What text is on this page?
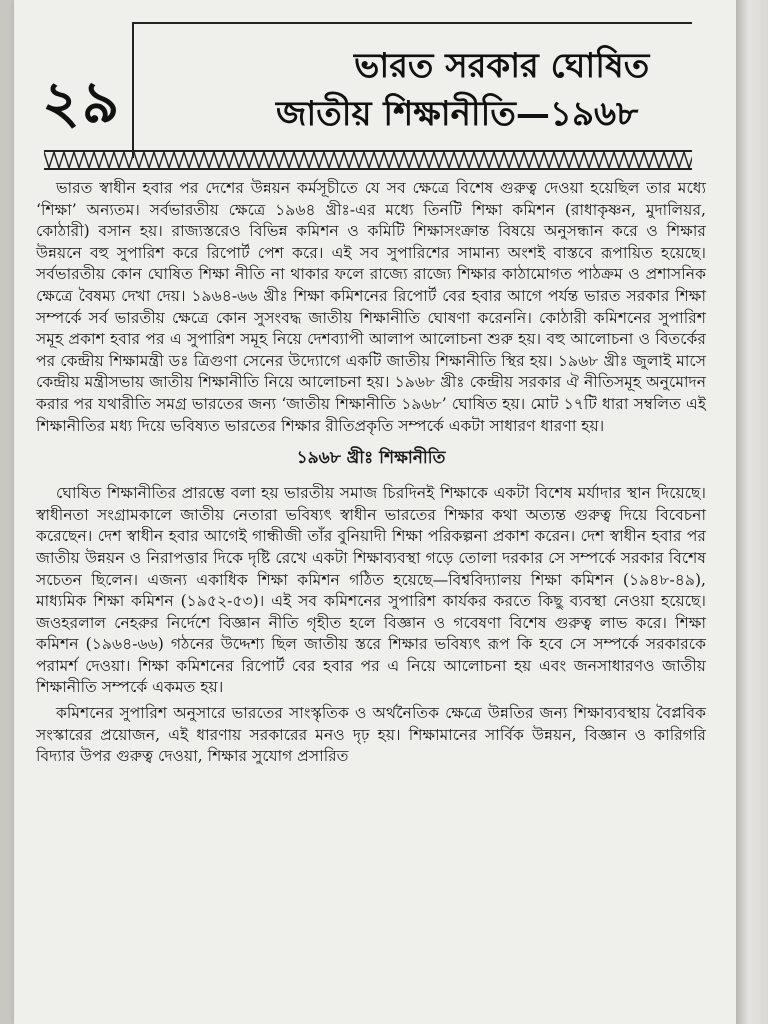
২৯
ভারত সরকার ঘোষিত
জাতীয় শিক্ষানীতি—১৯৬৮

ভারত স্বাধীন হবার পর দেশের উন্নয়ন কর্মসূচীতে যে সব ক্ষেত্রে বিশেষ গুরুত্ব দেওয়া হয়েছিল তার মধ্যে ‘শিক্ষা’ অন্যতম। সর্বভারতীয় ক্ষেত্রে ১৯৬৪ খ্রীঃ-এর মধ্যে তিনটি শিক্ষা কমিশন (রাধাকৃষ্ণন, মুদালিয়র, কোঠারী) বসান হয়। রাজ্যস্তরেও বিভিন্ন কমিশন ও কমিটি শিক্ষাসংক্রান্ত বিষয়ে অনুসন্ধান করে ও শিক্ষার উন্নয়নে বহু সুপারিশ করে রিপোর্ট পেশ করে। এই সব সুপারিশের সামান্য অংশই বাস্তবে রূপায়িত হয়েছে। সর্বভারতীয় কোন ঘোষিত শিক্ষা নীতি না থাকার ফলে রাজ্যে রাজ্যে শিক্ষার কাঠামোগত পাঠক্রম ও প্রশাসনিক ক্ষেত্রে বৈষম্য দেখা দেয়। ১৯৬৪-৬৬ খ্রীঃ শিক্ষা কমিশনের রিপোর্ট বের হবার আগে পর্যন্ত ভারত সরকার শিক্ষা সম্পর্কে সর্ব ভারতীয় ক্ষেত্রে কোন সুসংবদ্ধ জাতীয় শিক্ষানীতি ঘোষণা করেননি। কোঠারী কমিশনের সুপারিশ সমূহ প্রকাশ হবার পর এ সুপারিশ সমূহ নিয়ে দেশব্যাপী আলাপ আলোচনা শুরু হয়। বহু আলোচনা ও বিতর্কের পর কেন্দ্রীয় শিক্ষামন্ত্রী ডঃ ত্রিগুণা সেনের উদ্যোগে একটি জাতীয় শিক্ষানীতি স্থির হয়। ১৯৬৮ খ্রীঃ জুলাই মাসে কেন্দ্রীয় মন্ত্রীসভায় জাতীয় শিক্ষানীতি নিয়ে আলোচনা হয়। ১৯৬৮ খ্রীঃ কেন্দ্রীয় সরকার ঐ নীতিসমূহ অনুমোদন করার পর যথারীতি সমগ্র ভারতের জন্য ‘জাতীয় শিক্ষানীতি ১৯৬৮’ ঘোষিত হয়। মোট ১৭টি ধারা সম্বলিত এই শিক্ষানীতির মধ্য দিয়ে ভবিষ্যত ভারতের শিক্ষার রীতিপ্রকৃতি সম্পর্কে একটা সাধারণ ধারণা হয়।

১৯৬৮ খ্রীঃ শিক্ষানীতি

ঘোষিত শিক্ষানীতির প্রারম্ভে বলা হয় ভারতীয় সমাজ চিরদিনই শিক্ষাকে একটা বিশেষ মর্যাদার স্থান দিয়েছে। স্বাধীনতা সংগ্রামকালে জাতীয় নেতারা ভবিষ্যৎ স্বাধীন ভারতের শিক্ষার কথা অত্যন্ত গুরুত্ব দিয়ে বিবেচনা করেছেন। দেশ স্বাধীন হবার আগেই গান্ধীজী তাঁর বুনিয়াদী শিক্ষা পরিকল্পনা প্রকাশ করেন। দেশ স্বাধীন হবার পর জাতীয় উন্নয়ন ও নিরাপত্তার দিকে দৃষ্টি রেখে একটা শিক্ষাব্যবস্থা গড়ে তোলা দরকার সে সম্পর্কে সরকার বিশেষ সচেতন ছিলেন। এজন্য একাধিক শিক্ষা কমিশন গঠিত হয়েছে—বিশ্ববিদ্যালয় শিক্ষা কমিশন (১৯৪৮-৪৯), মাধ্যমিক শিক্ষা কমিশন (১৯৫২-৫৩)। এই সব কমিশনের সুপারিশ কার্যকর করতে কিছু ব্যবস্থা নেওয়া হয়েছে। জওহরলাল নেহরুর নির্দেশে বিজ্ঞান নীতি গৃহীত হলে বিজ্ঞান ও গবেষণা বিশেষ গুরুত্ব লাভ করে। শিক্ষা কমিশন (১৯৬৪-৬৬) গঠনের উদ্দেশ্য ছিল জাতীয় স্তরে শিক্ষার ভবিষ্যৎ রূপ কি হবে সে সম্পর্কে সরকারকে পরামর্শ দেওয়া। শিক্ষা কমিশনের রিপোর্ট বের হবার পর এ নিয়ে আলোচনা হয় এবং জনসাধারণও জাতীয় শিক্ষানীতি সম্পর্কে একমত হয়।

কমিশনের সুপারিশ অনুসারে ভারতের সাংস্কৃতিক ও অর্থনৈতিক ক্ষেত্রে উন্নতির জন্য শিক্ষাব্যবস্থায় বৈপ্লবিক সংস্কারের প্রয়োজন, এই ধারণায় সরকারের মনও দৃঢ় হয়। শিক্ষামানের সার্বিক উন্নয়ন, বিজ্ঞান ও কারিগরি বিদ্যার উপর গুরুত্ব দেওয়া, শিক্ষার সুযোগ প্রসারিত
